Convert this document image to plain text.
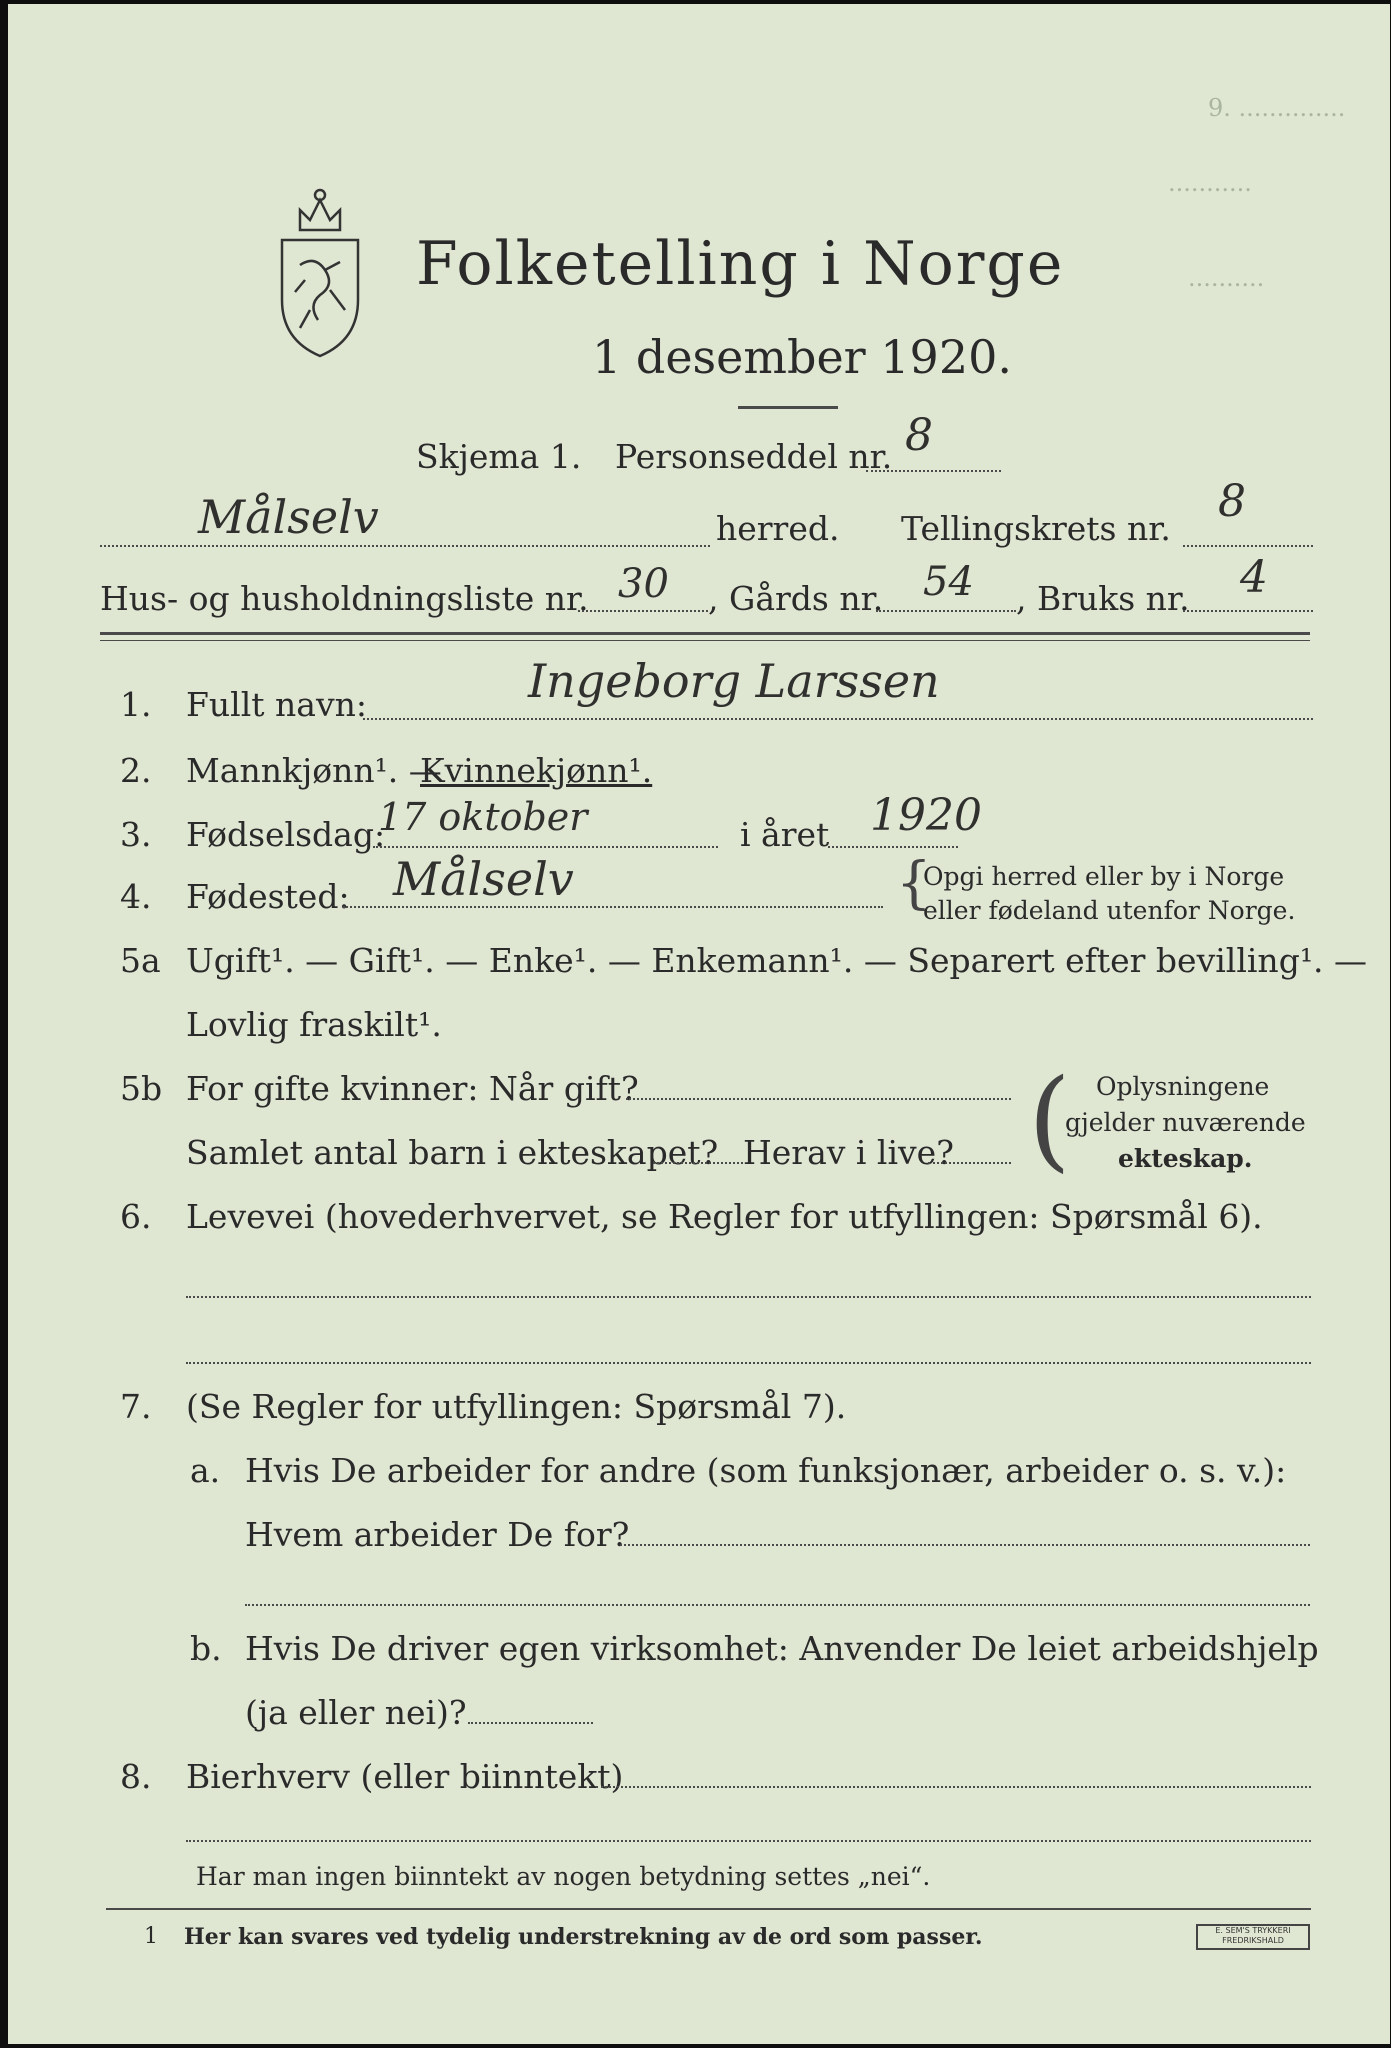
9. ..............
...........
..........
Folketelling i Norge
1 desember 1920.
Skjema 1. Personseddel nr. 8
Målselv	herred. Tellingskrets nr.
8
Hus- og husholdningsliste nr. 30 , Gårds nr. 54 , Bruks nr. 4
1. Fullt navn:	Ingeborg Larssen
2. Mannkjønn¹. —
Kvinnekjønn¹.
3. Fødselsdag:
17 oktober	i året 1920
4. Fødested: Målselv	{
Opgi herred eller by i Norge
eller fødeland utenfor Norge.
5a Ugift¹. — Gift¹. — Enke¹. — Enkemann¹. — Separert efter bevilling¹. —
Lovlig fraskilt¹.
5b For gifte kvinner: Når gift?
Samlet antal barn i ekteskapet? Herav i live? ( Oplysningene
gjelder nuværende
ekteskap.
6. Levevei (hovederhvervet, se Regler for utfyllingen: Spørsmål 6).
7. (Se Regler for utfyllingen: Spørsmål 7).
a. Hvis De arbeider for andre (som funksjonær, arbeider o. s. v.):
Hvem arbeider De for?
b. Hvis De driver egen virksomhet: Anvender De leiet arbeidshjelp
(ja eller nei)?
8. Bierhverv (eller biinntekt)
Har man ingen biinntekt av nogen betydning settes „nei“.
1 Her kan svares ved tydelig understrekning av de ord som passer.	E. SEM'S TRYKKERI FREDRIKSHALD
